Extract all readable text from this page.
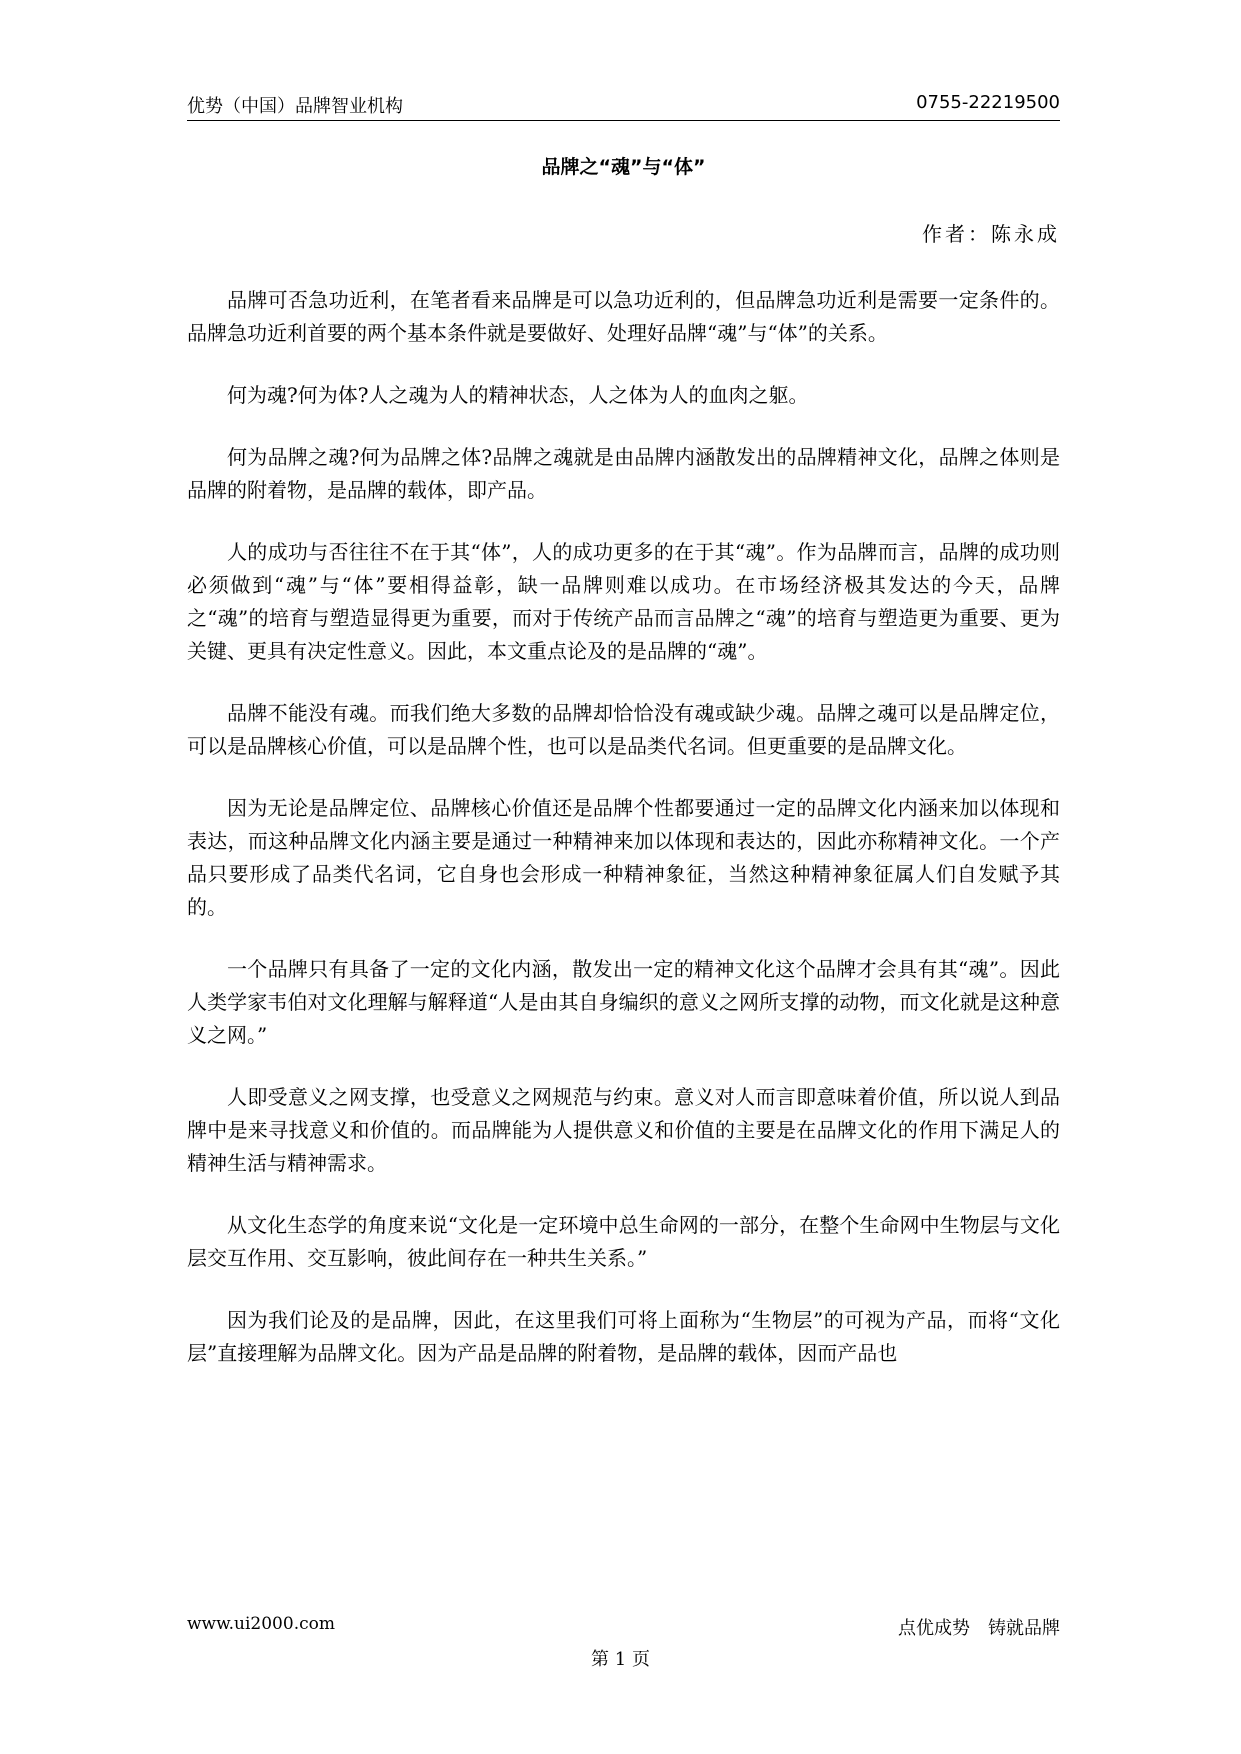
优势（中国）品牌智业机构	0755-22219500
品牌之“魂”与“体”
作者：陈永成

品牌可否急功近利，在笔者看来品牌是可以急功近利的，但品牌急功近利是需要一定条件的。品牌急功近利首要的两个基本条件就是要做好、处理好品牌“魂”与“体”的关系。

何为魂?何为体?人之魂为人的精神状态，人之体为人的血肉之躯。

何为品牌之魂?何为品牌之体?品牌之魂就是由品牌内涵散发出的品牌精神文化，品牌之体则是品牌的附着物，是品牌的载体，即产品。

人的成功与否往往不在于其“体”，人的成功更多的在于其“魂”。作为品牌而言，品牌的成功则必须做到“魂”与“体”要相得益彰，缺一品牌则难以成功。在市场经济极其发达的今天，品牌之“魂”的培育与塑造显得更为重要，而对于传统产品而言品牌之“魂”的培育与塑造更为重要、更为关键、更具有决定性意义。因此，本文重点论及的是品牌的“魂”。

品牌不能没有魂。而我们绝大多数的品牌却恰恰没有魂或缺少魂。品牌之魂可以是品牌定位，可以是品牌核心价值，可以是品牌个性，也可以是品类代名词。但更重要的是品牌文化。

因为无论是品牌定位、品牌核心价值还是品牌个性都要通过一定的品牌文化内涵来加以体现和表达，而这种品牌文化内涵主要是通过一种精神来加以体现和表达的，因此亦称精神文化。一个产品只要形成了品类代名词，它自身也会形成一种精神象征，当然这种精神象征属人们自发赋予其的。

一个品牌只有具备了一定的文化内涵，散发出一定的精神文化这个品牌才会具有其“魂”。因此人类学家韦伯对文化理解与解释道“人是由其自身编织的意义之网所支撑的动物，而文化就是这种意义之网。”

人即受意义之网支撑，也受意义之网规范与约束。意义对人而言即意味着价值，所以说人到品牌中是来寻找意义和价值的。而品牌能为人提供意义和价值的主要是在品牌文化的作用下满足人的精神生活与精神需求。

从文化生态学的角度来说“文化是一定环境中总生命网的一部分，在整个生命网中生物层与文化层交互作用、交互影响，彼此间存在一种共生关系。”

因为我们论及的是品牌，因此，在这里我们可将上面称为“生物层”的可视为产品，而将“文化层”直接理解为品牌文化。因为产品是品牌的附着物，是品牌的载体，因而产品也

www.ui2000.com	点优成势　铸就品牌
第 1 页
